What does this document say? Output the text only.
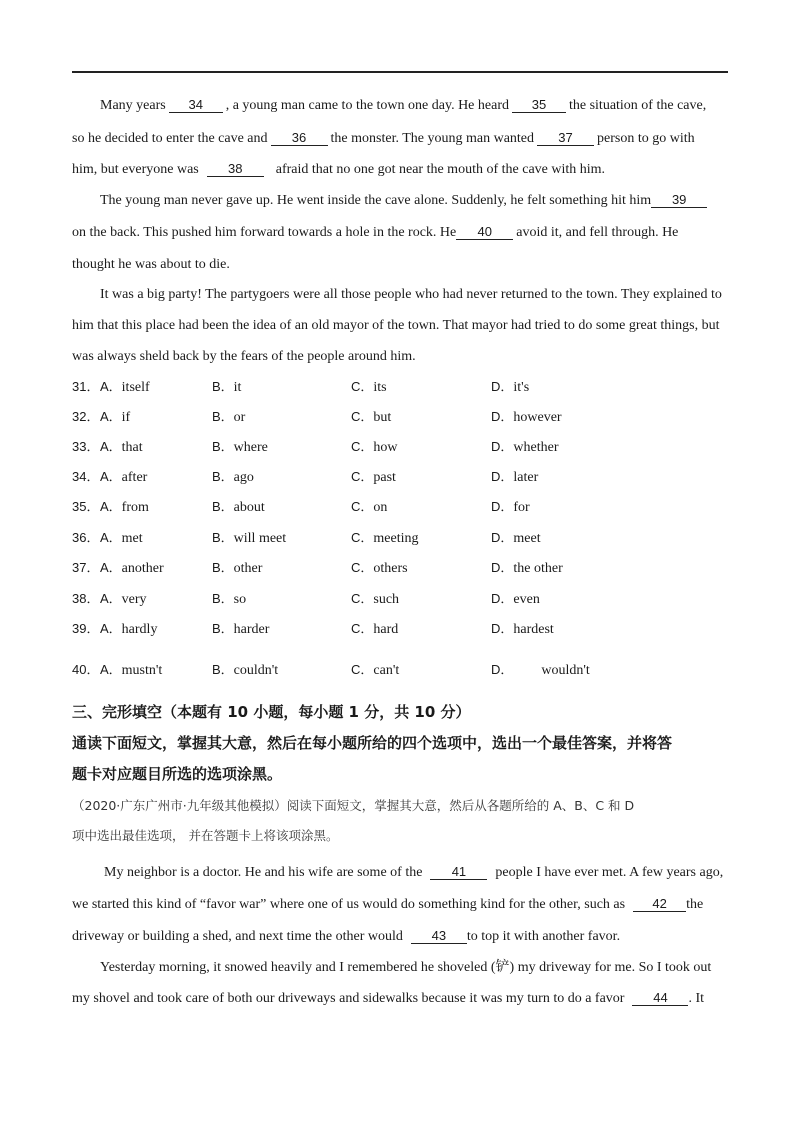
Many years 34 , a young man came to the town one day. He heard 35 the situation of the cave,
so he decided to enter the cave and 36 the monster. The young man wanted 37 person to go with
him, but everyone was 38 afraid that no one got near the mouth of the cave with him.
The young man never gave up. He went inside the cave alone. Suddenly, he felt something hit him 39
on the back. This pushed him forward towards a hole in the rock. He 40 avoid it, and fell through. He
thought he was about to die.
It was a big party! The partygoers were all those people who had never returned to the town. They explained to
him that this place had been the idea of an old mayor of the town. That mayor had tried to do some great things, but
was always sheld back by the fears of the people around him.
31． A．itself	B．it	C．its	D．it's
32． A．if	B．or	C．but	D．however
33． A．that	B．where	C．how	D．whether
34． A．after	B．ago	C．past	D．later
35． A．from	B．about	C．on	D．for
36． A．met	B．will meet	C．meeting	D．meet
37． A．another	B．other	C．others	D．the other
38． A．very	B．so	C．such	D．even
39． A．hardly	B．harder	C．hard	D．hardest
40． A．mustn't	B．couldn't	C．can't	D． wouldn't
三、完形填空（本题有 10 小题，每小题 1 分，共 10 分）
通读下面短文，掌握其大意，然后在每小题所给的四个选项中，选出一个最佳答案，并将答
题卡对应题目所选的选项涂黑。
（2020·广东广州市·九年级其他模拟）阅读下面短文，掌握其大意，然后从各题所给的 A、B、C 和 D
项中选出最佳选项， 并在答题卡上将该项涂黑。
My neighbor is a doctor. He and his wife are some of the 41 people I have ever met. A few years ago,
we started this kind of “favor war” where one of us would do something kind for the other, such as 42 the
driveway or building a shed, and next time the other would 43 to top it with another favor.
Yesterday morning, it snowed heavily and I remembered he shoveled (铲) my driveway for me. So I took out
my shovel and took care of both our driveways and sidewalks because it was my turn to do a favor 44 . It
